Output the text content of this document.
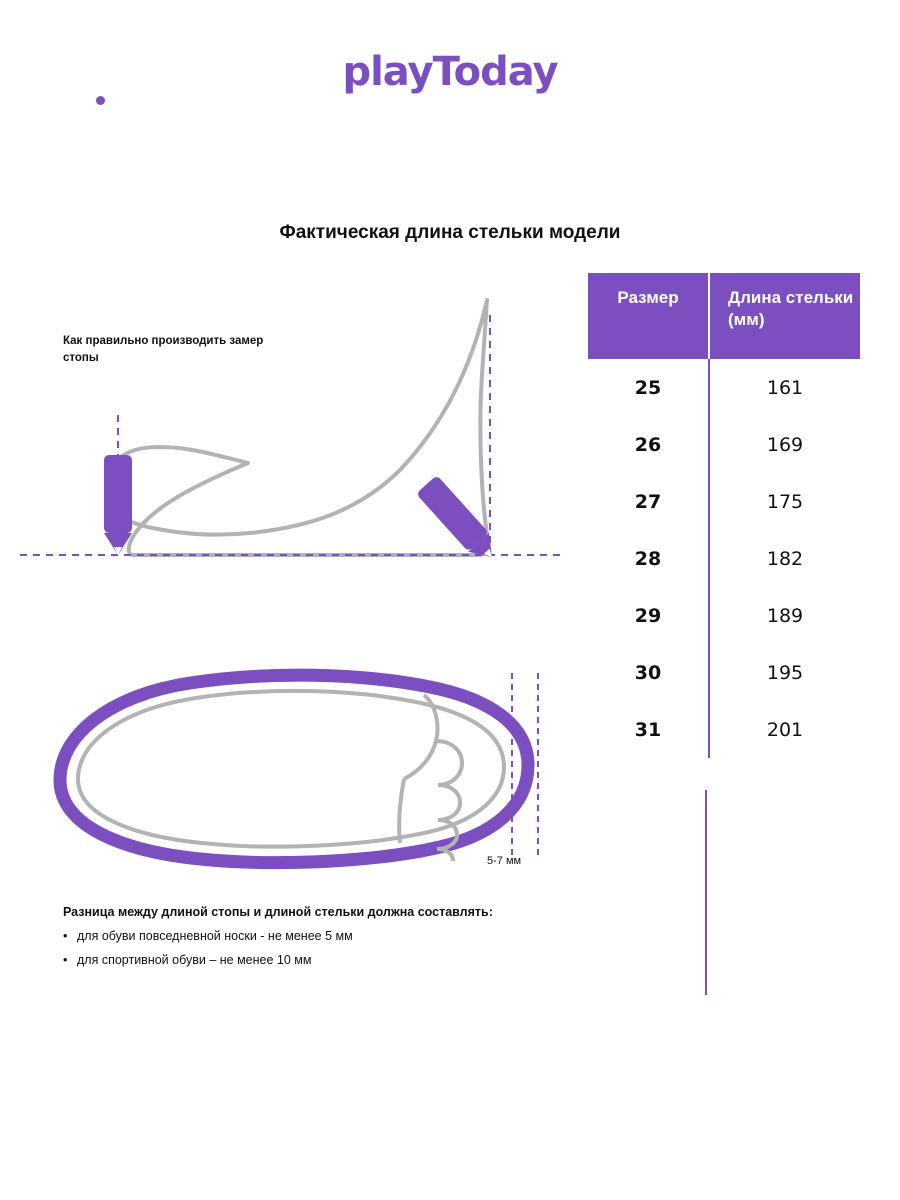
playToday
Фактическая длина стельки модели
Как правильно производить замер стопы
5-7 мм
Разница между длиной стопы и длиной стельки должна составлять:
• для обуви повседневной носки - не менее 5 мм
• для спортивной обуви – не менее 10 мм
Размер	Длина стельки (мм)
25	161
26	169
27	175
28	182
29	189
30	195
31	201
